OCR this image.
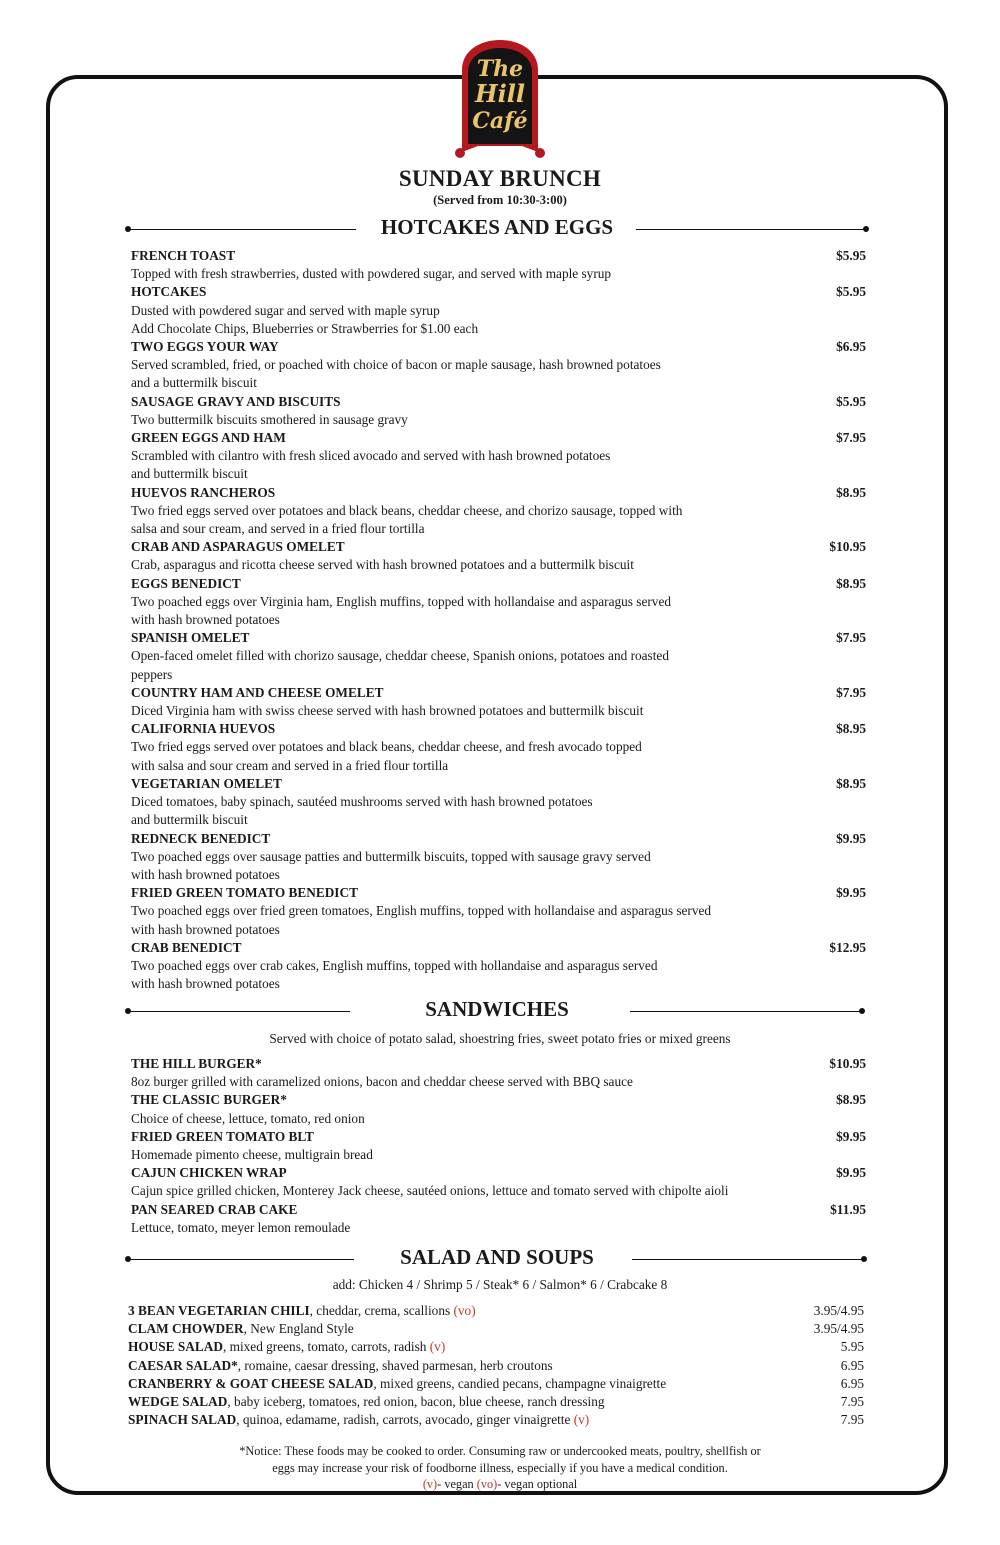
The
Hill
Café
SUNDAY BRUNCH
(Served from 10:30-3:00)
HOTCAKES AND EGGS
FRENCH TOAST	$5.95
Topped with fresh strawberries, dusted with powdered sugar, and served with maple syrup
HOTCAKES	$5.95
Dusted with powdered sugar and served with maple syrup
Add Chocolate Chips, Blueberries or Strawberries for $1.00 each
TWO EGGS YOUR WAY	$6.95
Served scrambled, fried, or poached with choice of bacon or maple sausage, hash browned potatoes
and a buttermilk biscuit
SAUSAGE GRAVY AND BISCUITS	$5.95
Two buttermilk biscuits smothered in sausage gravy
GREEN EGGS AND HAM	$7.95
Scrambled with cilantro with fresh sliced avocado and served with hash browned potatoes
and buttermilk biscuit
HUEVOS RANCHEROS	$8.95
Two fried eggs served over potatoes and black beans, cheddar cheese, and chorizo sausage, topped with
salsa and sour cream, and served in a fried flour tortilla
CRAB AND ASPARAGUS OMELET	$10.95
Crab, asparagus and ricotta cheese served with hash browned potatoes and a buttermilk biscuit
EGGS BENEDICT	$8.95
Two poached eggs over Virginia ham, English muffins, topped with hollandaise and asparagus served
with hash browned potatoes
SPANISH OMELET	$7.95
Open-faced omelet filled with chorizo sausage, cheddar cheese, Spanish onions, potatoes and roasted
peppers
COUNTRY HAM AND CHEESE OMELET	$7.95
Diced Virginia ham with swiss cheese served with hash browned potatoes and buttermilk biscuit
CALIFORNIA HUEVOS	$8.95
Two fried eggs served over potatoes and black beans, cheddar cheese, and fresh avocado topped
with salsa and sour cream and served in a fried flour tortilla
VEGETARIAN OMELET	$8.95
Diced tomatoes, baby spinach, sautéed mushrooms served with hash browned potatoes
and buttermilk biscuit
REDNECK BENEDICT	$9.95
Two poached eggs over sausage patties and buttermilk biscuits, topped with sausage gravy served
with hash browned potatoes
FRIED GREEN TOMATO BENEDICT	$9.95
Two poached eggs over fried green tomatoes, English muffins, topped with hollandaise and asparagus served
with hash browned potatoes
CRAB BENEDICT	$12.95
Two poached eggs over crab cakes, English muffins, topped with hollandaise and asparagus served
with hash browned potatoes
SANDWICHES
Served with choice of potato salad, shoestring fries, sweet potato fries or mixed greens
THE HILL BURGER*	$10.95
8oz burger grilled with caramelized onions, bacon and cheddar cheese served with BBQ sauce
THE CLASSIC BURGER*	$8.95
Choice of cheese, lettuce, tomato, red onion
FRIED GREEN TOMATO BLT	$9.95
Homemade pimento cheese, multigrain bread
CAJUN CHICKEN WRAP	$9.95
Cajun spice grilled chicken, Monterey Jack cheese, sautéed onions, lettuce and tomato served with chipolte aioli
PAN SEARED CRAB CAKE	$11.95
Lettuce, tomato, meyer lemon remoulade
SALAD AND SOUPS
add: Chicken 4 / Shrimp 5 / Steak* 6 / Salmon* 6 / Crabcake 8
3 BEAN VEGETARIAN CHILI, cheddar, crema, scallions (vo)	3.95/4.95
CLAM CHOWDER, New England Style	3.95/4.95
HOUSE SALAD, mixed greens, tomato, carrots, radish (v)	5.95
CAESAR SALAD*, romaine, caesar dressing, shaved parmesan, herb croutons	6.95
CRANBERRY & GOAT CHEESE SALAD, mixed greens, candied pecans, champagne vinaigrette	6.95
WEDGE SALAD, baby iceberg, tomatoes, red onion, bacon, blue cheese, ranch dressing	7.95
SPINACH SALAD, quinoa, edamame, radish, carrots, avocado, ginger vinaigrette (v)	7.95
*Notice: These foods may be cooked to order. Consuming raw or undercooked meats, poultry, shellfish or
eggs may increase your risk of foodborne illness, especially if you have a medical condition.
(v)- vegan (vo)- vegan optional
